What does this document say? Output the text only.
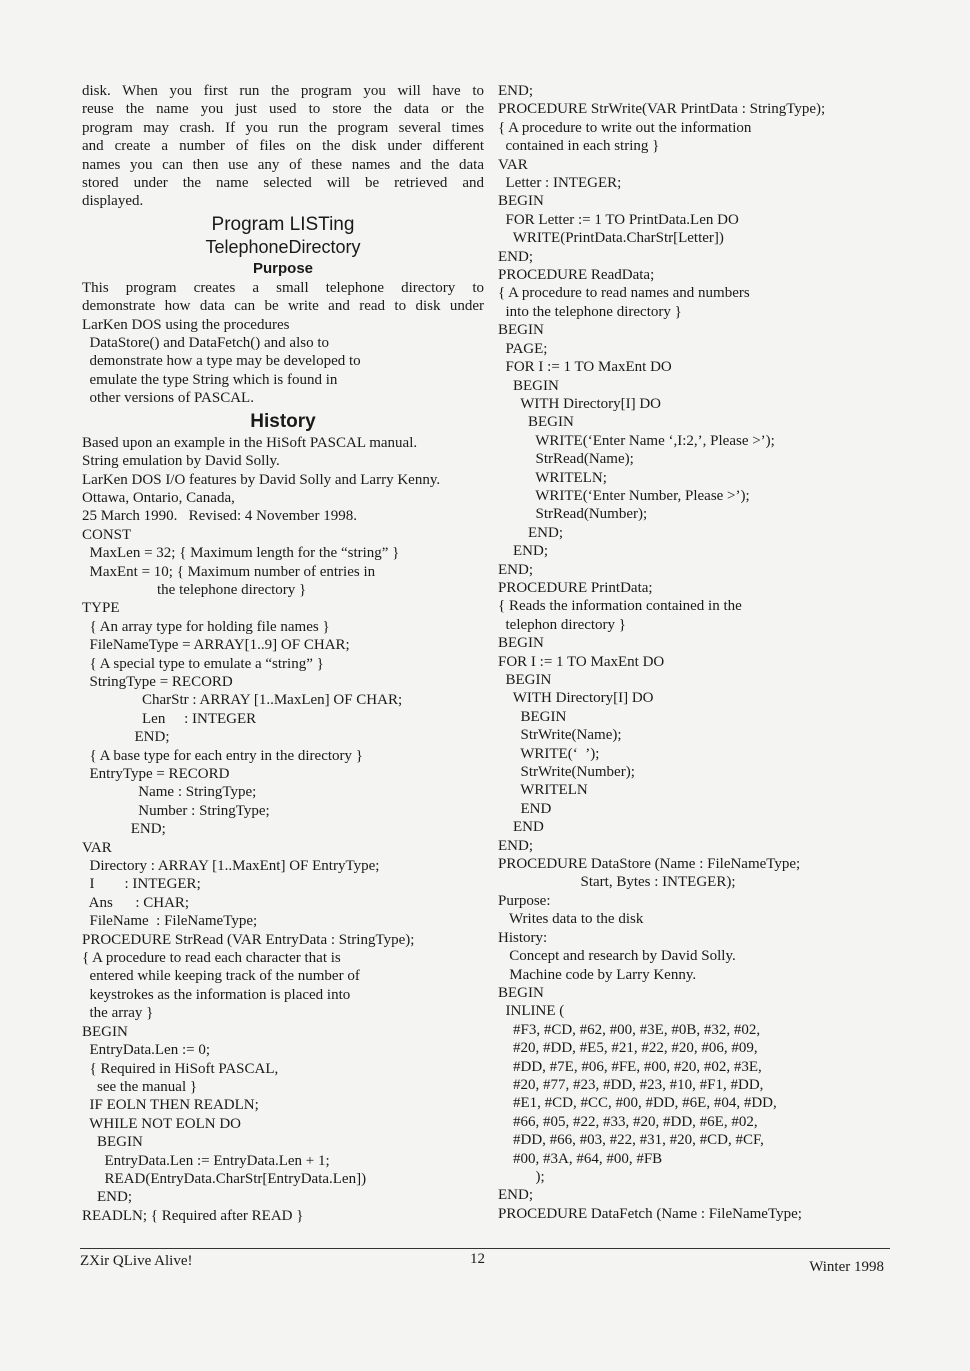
disk. When you first run the program you will have to
reuse the name you just used to store the data or the
program may crash. If you run the program several times
and create a number of files on the disk under different
names you can then use any of these names and the data
stored under the name selected will be retrieved and
displayed.
Program LISTing
TelephoneDirectory
Purpose
This program creates a small telephone directory to
demonstrate how data can be write and read to disk under
LarKen DOS using the procedures
DataStore() and DataFetch() and also to
demonstrate how a type may be developed to
emulate the type String which is found in
other versions of PASCAL.
History
Based upon an example in the HiSoft PASCAL manual.
String emulation by David Solly.
LarKen DOS I/O features by David Solly and Larry Kenny.
Ottawa, Ontario, Canada,
25 March 1990.   Revised: 4 November 1998.
CONST
MaxLen = 32; { Maximum length for the “string” }
MaxEnt = 10; { Maximum number of entries in
the telephone directory }
TYPE
{ An array type for holding file names }
FileNameType = ARRAY[1..9] OF CHAR;
{ A special type to emulate a “string” }
StringType = RECORD
CharStr : ARRAY [1..MaxLen] OF CHAR;
Len     : INTEGER
END;
{ A base type for each entry in the directory }
EntryType = RECORD
Name : StringType;
Number : StringType;
END;
VAR
Directory : ARRAY [1..MaxEnt] OF EntryType;
I        : INTEGER;
Ans      : CHAR;
FileName  : FileNameType;
PROCEDURE StrRead (VAR EntryData : StringType);
{ A procedure to read each character that is
entered while keeping track of the number of
keystrokes as the information is placed into
the array }
BEGIN
EntryData.Len := 0;
{ Required in HiSoft PASCAL,
see the manual }
IF EOLN THEN READLN;
WHILE NOT EOLN DO
BEGIN
EntryData.Len := EntryData.Len + 1;
READ(EntryData.CharStr[EntryData.Len])
END;
READLN; { Required after READ }
END;
PROCEDURE StrWrite(VAR PrintData : StringType);
{ A procedure to write out the information
contained in each string }
VAR
Letter : INTEGER;
BEGIN
FOR Letter := 1 TO PrintData.Len DO
WRITE(PrintData.CharStr[Letter])
END;
PROCEDURE ReadData;
{ A procedure to read names and numbers
into the telephone directory }
BEGIN
PAGE;
FOR I := 1 TO MaxEnt DO
BEGIN
WITH Directory[I] DO
BEGIN
WRITE(‘Enter Name ‘,I:2,’, Please >’);
StrRead(Name);
WRITELN;
WRITE(‘Enter Number, Please >’);
StrRead(Number);
END;
END;
END;
PROCEDURE PrintData;
{ Reads the information contained in the
telephon directory }
BEGIN
FOR I := 1 TO MaxEnt DO
BEGIN
WITH Directory[I] DO
BEGIN
StrWrite(Name);
WRITE(‘  ’);
StrWrite(Number);
WRITELN
END
END
END;
PROCEDURE DataStore (Name : FileNameType;
Start, Bytes : INTEGER);
Purpose:
Writes data to the disk
History:
Concept and research by David Solly.
Machine code by Larry Kenny.
BEGIN
INLINE (
#F3, #CD, #62, #00, #3E, #0B, #32, #02,
#20, #DD, #E5, #21, #22, #20, #06, #09,
#DD, #7E, #06, #FE, #00, #20, #02, #3E,
#20, #77, #23, #DD, #23, #10, #F1, #DD,
#E1, #CD, #CC, #00, #DD, #6E, #04, #DD,
#66, #05, #22, #33, #20, #DD, #6E, #02,
#DD, #66, #03, #22, #31, #20, #CD, #CF,
#00, #3A, #64, #00, #FB
);
END;
PROCEDURE DataFetch (Name : FileNameType;
ZXir QLive Alive!	12	Winter 1998
